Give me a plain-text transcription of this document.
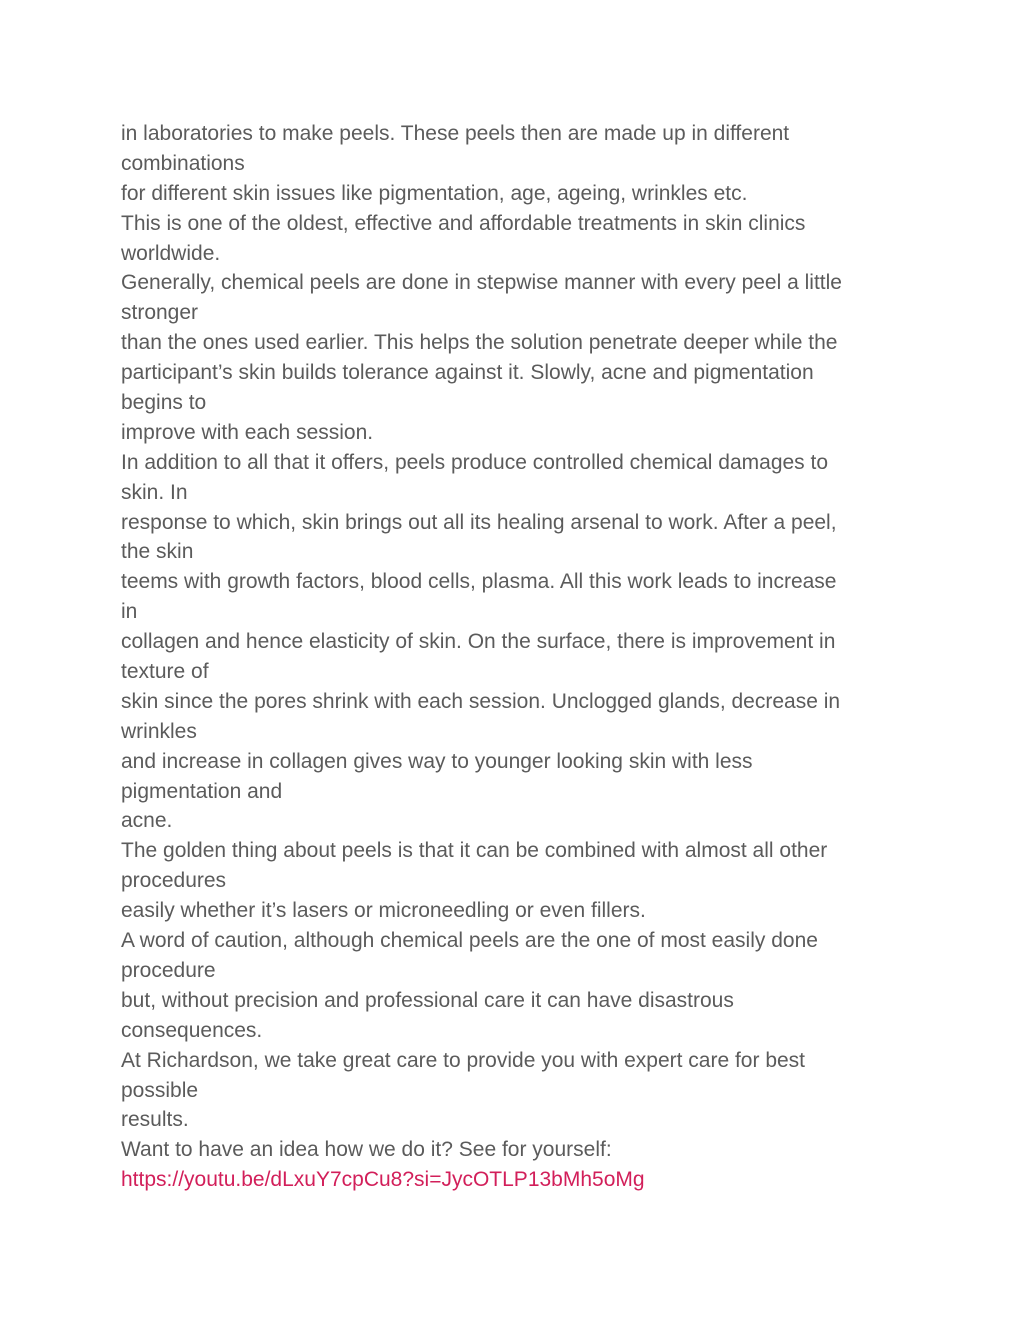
in laboratories to make peels. These peels then are made up in different
combinations
for different skin issues like pigmentation, age, ageing, wrinkles etc.
This is one of the oldest, effective and affordable treatments in skin clinics
worldwide.
Generally, chemical peels are done in stepwise manner with every peel a little
stronger
than the ones used earlier. This helps the solution penetrate deeper while the
participant’s skin builds tolerance against it. Slowly, acne and pigmentation
begins to
improve with each session.
In addition to all that it offers, peels produce controlled chemical damages to
skin. In
response to which, skin brings out all its healing arsenal to work. After a peel,
the skin
teems with growth factors, blood cells, plasma. All this work leads to increase
in
collagen and hence elasticity of skin. On the surface, there is improvement in
texture of
skin since the pores shrink with each session. Unclogged glands, decrease in
wrinkles
and increase in collagen gives way to younger looking skin with less
pigmentation and
acne.
The golden thing about peels is that it can be combined with almost all other
procedures
easily whether it’s lasers or microneedling or even fillers.
A word of caution, although chemical peels are the one of most easily done
procedure
but, without precision and professional care it can have disastrous
consequences.
At Richardson, we take great care to provide you with expert care for best
possible
results.
Want to have an idea how we do it? See for yourself:
https://youtu.be/dLxuY7cpCu8?si=JycOTLP13bMh5oMg
